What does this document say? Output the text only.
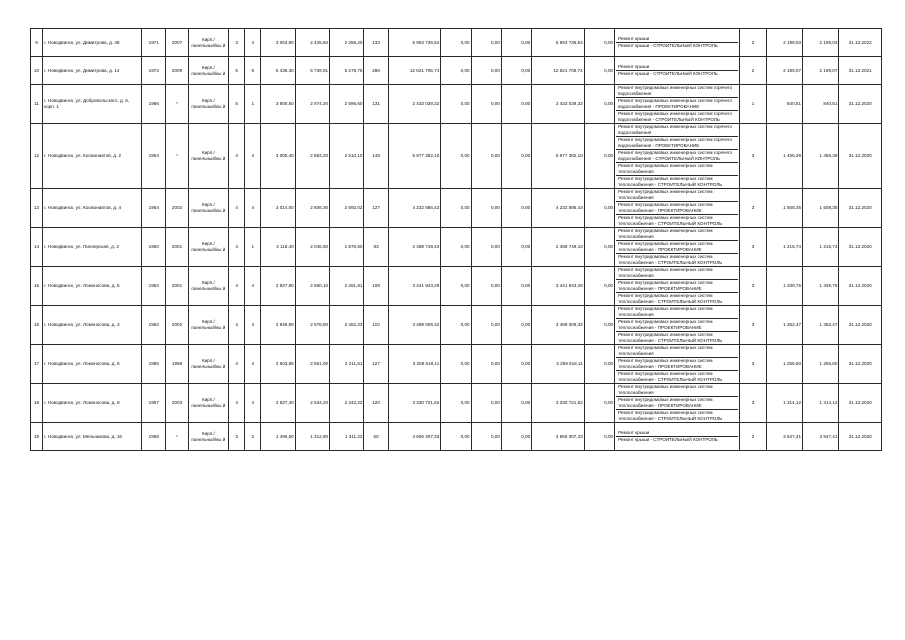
9	г. Новодвинск, ул. Димитрова, д. 48	1971	2007	Кирп./ панельный/кы й	3	4	3 063,90	2 425,60	2 258,20	133	5 953 736,64	0,00	0,00	0,00	5 953 736,64	0,00	Ремонт крыши
Ремонт крыши - СТРОИТЕЛЬНЫЙ КОНТРОЛЬ	2	2 199,03	2 199,03	31.12.2022
10	г. Новодвинск, ул. Димитрова, д. 14	1972	2009	Кирп./ панельный/кы й	5	8	6 438,30	5 739,91	5 278,76	286	12 621 706,74	0,00	0,00	0,00	12 621 706,74	0,00	Ремонт крыши
Ремонт крыши - СТРОИТЕЛЬНЫЙ КОНТРОЛЬ	2	2 199,07	2 199,07	31.12.2021
11	г. Новодвинск, ул. Добровольского, д. 6, корп. 1	1966	*	Кирп./ панельный/кы й	5	1	3 800,50	2 974,20	2 596,60	131	2 433 039,32	0,00	0,00	0,00	2 433 039,32	0,00	Ремонт внутридомовых инженерных систем горячего водоснабжения
Ремонт внутридомовых инженерных систем горячего водоснабжения - ПРОЕКТИРОВАНИЕ
Ремонт внутридомовых инженерных систем горячего водоснабжения - СТРОИТЕЛЬНЫЙ КОНТРОЛЬ	1	840,51	840,51	31.12.2020
12	г. Новодвинск, ул. Космонавтов, д. 2	1964	*	Кирп./ панельный/кы й	4	4	3 005,40	2 883,20	2 510,10	148	5 977 382,10	0,00	0,00	0,00	5 977 382,10	0,00	Ремонт внутридомовых инженерных систем горячего водоснабжения
Ремонт внутридомовых инженерных систем горячего водоснабжения - ПРОЕКТИРОВАНИЕ
Ремонт внутридомовых инженерных систем горячего водоснабжения - СТРОИТЕЛЬНЫЙ КОНТРОЛЬ
Ремонт внутридомовых инженерных систем теплоснабжения
Ремонт внутридомовых инженерных систем теплоснабжения - СТРОИТЕЛЬНЫЙ КОНТРОЛЬ	3	1 456,39	1 456,39	31.12.2020
13	г. Новодвинск, ул. Космонавтов, д. 4	1964	2002	Кирп./ панельный/кы й	4	4	3 014,00	2 806,30	2 692,02	127	4 232 886,43	0,00	0,00	0,00	4 232 886,43	0,00	Ремонт внутридомовых инженерных систем теплоснабжения
Ремонт внутридомовых инженерных систем теплоснабжения - ПРОЕКТИРОВАНИЕ
Ремонт внутридомовых инженерных систем теплоснабжения - СТРОИТЕЛЬНЫЙ КОНТРОЛЬ	3	1 508,35	1 508,35	31.12.2020
14	г. Новодвинск, ул. Пионерская, д. 2	1960	2001	Кирп./ панельный/кы й	4	1	2 116,40	2 046,60	1 876,50	83	2 488 749,43	0,00	0,00	0,00	2 488 749,43	0,00	Ремонт внутридомовых инженерных систем теплоснабжения
Ремонт внутридомовых инженерных систем теплоснабжения - ПРОЕКТИРОВАНИЕ
Ремонт внутридомовых инженерных систем теплоснабжения - СТРОИТЕЛЬНЫЙ КОНТРОЛЬ	3	1 216,74	1 216,74	31.12.2020
15	г. Новодвинск, ул. Ломоносова, д. 5	1962	2001	Кирп./ панельный/кы й	4	4	2 827,80	2 560,10	2 261,81	108	3 441 943,28	0,00	0,00	0,00	3 441 943,28	0,00	Ремонт внутридомовых инженерных систем теплоснабжения
Ремонт внутридомовых инженерных систем теплоснабжения - ПРОЕКТИРОВАНИЕ
Ремонт внутридомовых инженерных систем теплоснабжения - СТРОИТЕЛЬНЫЙ КОНТРОЛЬ	3	1 339,75	1 339,75	31.12.2020
16	г. Новодвинск, ул. Ломоносова, д. 3	1962	2002	Кирп./ панельный/кы й	4	4	2 848,90	2 578,80	2 452,23	110	3 488 009,32	0,00	0,00	0,00	3 488 009,32	0,00	Ремонт внутридомовых инженерных систем теплоснабжения
Ремонт внутридомовых инженерных систем теплоснабжения - ПРОЕКТИРОВАНИЕ
Ремонт внутридомовых инженерных систем теплоснабжения - СТРОИТЕЛЬНЫЙ КОНТРОЛЬ	3	1 352,47	1 352,47	31.12.2020
17	г. Новодвинск, ул. Ломоносова, д. 6	1986	1998	Кирп./ панельный/кы й	4	4	2 603,86	2 561,00	2 211,51	127	3 259 618,11	0,00	0,00	0,00	3 259 618,11	0,00	Ремонт внутридомовых инженерных систем теплоснабжения
Ремонт внутридомовых инженерных систем теплоснабжения - ПРОЕКТИРОВАНИЕ
Ремонт внутридомовых инженерных систем теплоснабжения - СТРОИТЕЛЬНЫЙ КОНТРОЛЬ	3	1 256,60	1 256,60	31.12.2020
18	г. Новодвинск, ул. Ломоносова, д. 9	1987	2003	Кирп./ панельный/кы й	4	4	2 827,40	2 534,20	2 342,22	120	3 330 721,62	0,00	0,00	0,00	3 330 721,62	0,00	Ремонт внутридомовых инженерных систем теплоснабжения
Ремонт внутридомовых инженерных систем теплоснабжения - ПРОЕКТИРОВАНИЕ
Ремонт внутридомовых инженерных систем теплоснабжения - СТРОИТЕЛЬНЫЙ КОНТРОЛЬ	3	1 314,12	1 314,12	31.12.2020
19	г. Новодвинск, ул. Мельникова, д. 16	1958	*	Кирп./ панельный/кы й	3	2	1 496,50	1 312,80	1 311,22	60	4 656 307,33	0,00	0,00	0,00	4 656 307,33	0,00	Ремонт крыши
Ремонт крыши - СТРОИТЕЛЬНЫЙ КОНТРОЛЬ	2	3 547,41	3 547,41	31.12.2020
